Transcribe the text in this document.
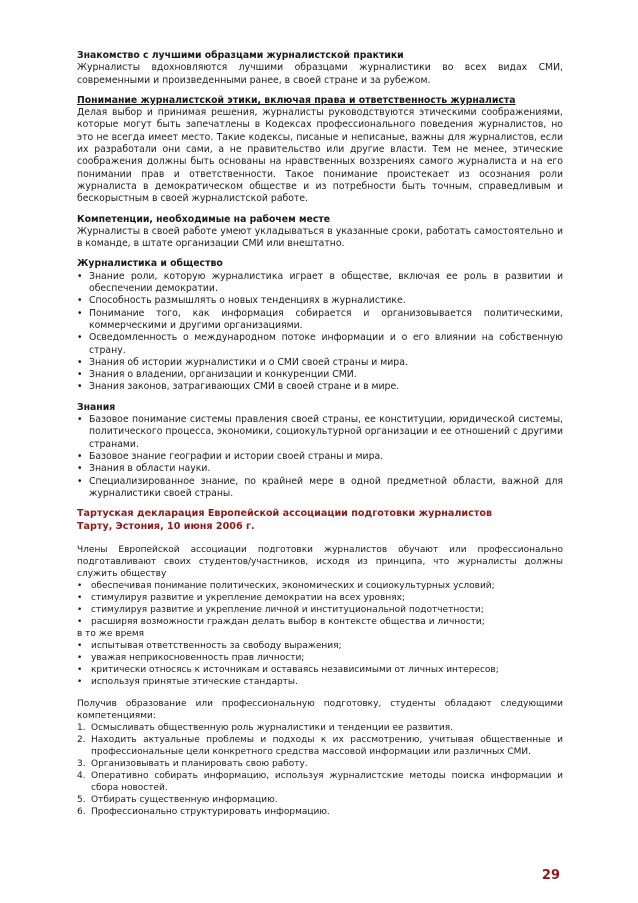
Знакомство с лучшими образцами журналистской практики
Журналисты вдохновляются лучшими образцами журналистики во всех видах СМИ, современными и произведенными ранее, в своей стране и за рубежом.
Понимание журналистской этики, включая права и ответственность журналиста
Делая выбор и принимая решения, журналисты руководствуются этическими соображениями, которые могут быть запечатлены в Кодексах профессионального поведения журналистов, но это не всегда имеет место. Такие кодексы, писаные и неписаные, важны для журналистов, если их разработали они сами, а не правительство или другие власти. Тем не менее, этические соображения должны быть основаны на нравственных воззрениях самого журналиста и на его понимании прав и ответственности. Такое понимание проистекает из осознания роли журналиста в демократическом обществе и из потребности быть точным, справедливым и бескорыстным в своей журналистской работе.
Компетенции, необходимые на рабочем месте
Журналисты в своей работе умеют укладываться в указанные сроки, работать самостоятельно и в команде, в штате организации СМИ или внештатно.
Журналистика и общество
• Знание роли, которую журналистика играет в обществе, включая ее роль в развитии и обеспечении демократии.
• Способность размышлять о новых тенденциях в журналистике.
• Понимание того, как информация собирается и организовывается политическими, коммерческими и другими организациями.
• Осведомленность о международном потоке информации и о его влиянии на собственную страну.
• Знания об истории журналистики и о СМИ своей страны и мира.
• Знания о владении, организации и конкуренции СМИ.
• Знания законов, затрагивающих СМИ в своей стране и в мире.
Знания
• Базовое понимание системы правления своей страны, ее конституции, юридической системы, политического процесса, экономики, социокультурной организации и ее отношений с другими странами.
• Базовое знание географии и истории своей страны и мира.
• Знания в области науки.
• Специализированное знание, по крайней мере в одной предметной области, важной для журналистики своей страны.
Тартуская декларация Европейской ассоциации подготовки журналистов
Тарту, Эстония, 10 июня 2006 г.
Члены Европейской ассоциации подготовки журналистов обучают или профессионально подготавливают своих студентов/участников, исходя из принципа, что журналисты должны служить обществу
• обеспечивая понимание политических, экономических и социокультурных условий;
• стимулируя развитие и укрепление демократии на всех уровнях;
• стимулируя развитие и укрепление личной и институциональной подотчетности;
• расширяя возможности граждан делать выбор в контексте общества и личности;
в то же время
• испытывая ответственность за свободу выражения;
• уважая неприкосновенность прав личности;
• критически относясь к источникам и оставаясь независимыми от личных интересов;
• используя принятые этические стандарты.
Получив образование или профессиональную подготовку, студенты обладают следующими компетенциями:
1. Осмысливать общественную роль журналистики и тенденции ее развития.
2. Находить актуальные проблемы и подходы к их рассмотрению, учитывая общественные и профессиональные цели конкретного средства массовой информации или различных СМИ.
3. Организовывать и планировать свою работу.
4. Оперативно собирать информацию, используя журналистские методы поиска информации и сбора новостей.
5. Отбирать существенную информацию.
6. Профессионально структурировать информацию.
29
